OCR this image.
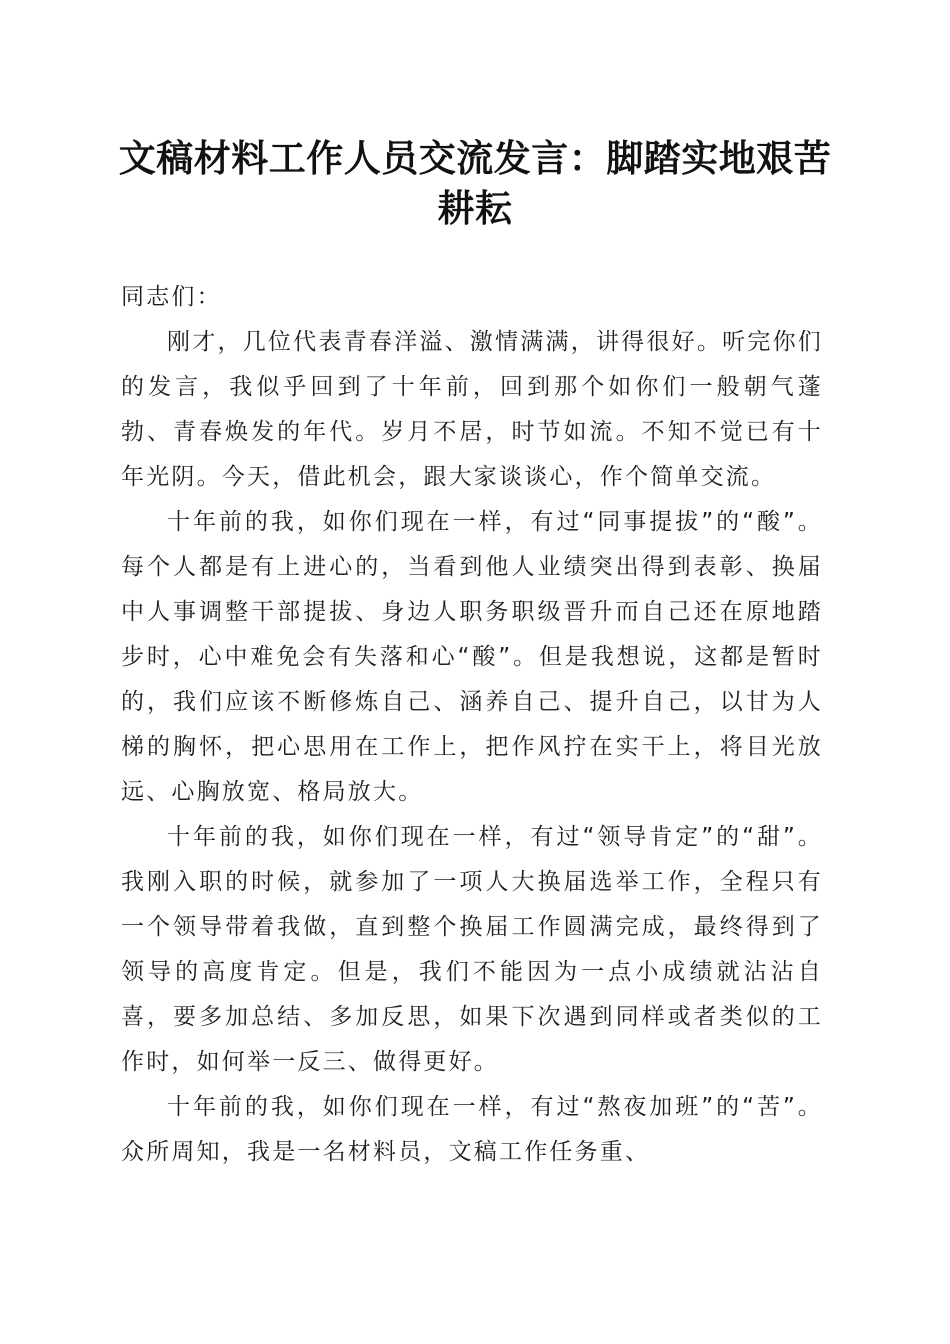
文稿材料工作人员交流发言：脚踏实地艰苦耕耘

同志们：

刚才，几位代表青春洋溢、激情满满，讲得很好。听完你们的发言，我似乎回到了十年前，回到那个如你们一般朝气蓬勃、青春焕发的年代。岁月不居，时节如流。不知不觉已有十年光阴。今天，借此机会，跟大家谈谈心，作个简单交流。

十年前的我，如你们现在一样，有过“同事提拔”的“酸”。每个人都是有上进心的，当看到他人业绩突出得到表彰、换届中人事调整干部提拔、身边人职务职级晋升而自己还在原地踏步时，心中难免会有失落和心“酸”。但是我想说，这都是暂时的，我们应该不断修炼自己、涵养自己、提升自己，以甘为人梯的胸怀，把心思用在工作上，把作风拧在实干上，将目光放远、心胸放宽、格局放大。

十年前的我，如你们现在一样，有过“领导肯定”的“甜”。我刚入职的时候，就参加了一项人大换届选举工作，全程只有一个领导带着我做，直到整个换届工作圆满完成，最终得到了领导的高度肯定。但是，我们不能因为一点小成绩就沾沾自喜，要多加总结、多加反思，如果下次遇到同样或者类似的工作时，如何举一反三、做得更好。

十年前的我，如你们现在一样，有过“熬夜加班”的“苦”。众所周知，我是一名材料员，文稿工作任务重、
